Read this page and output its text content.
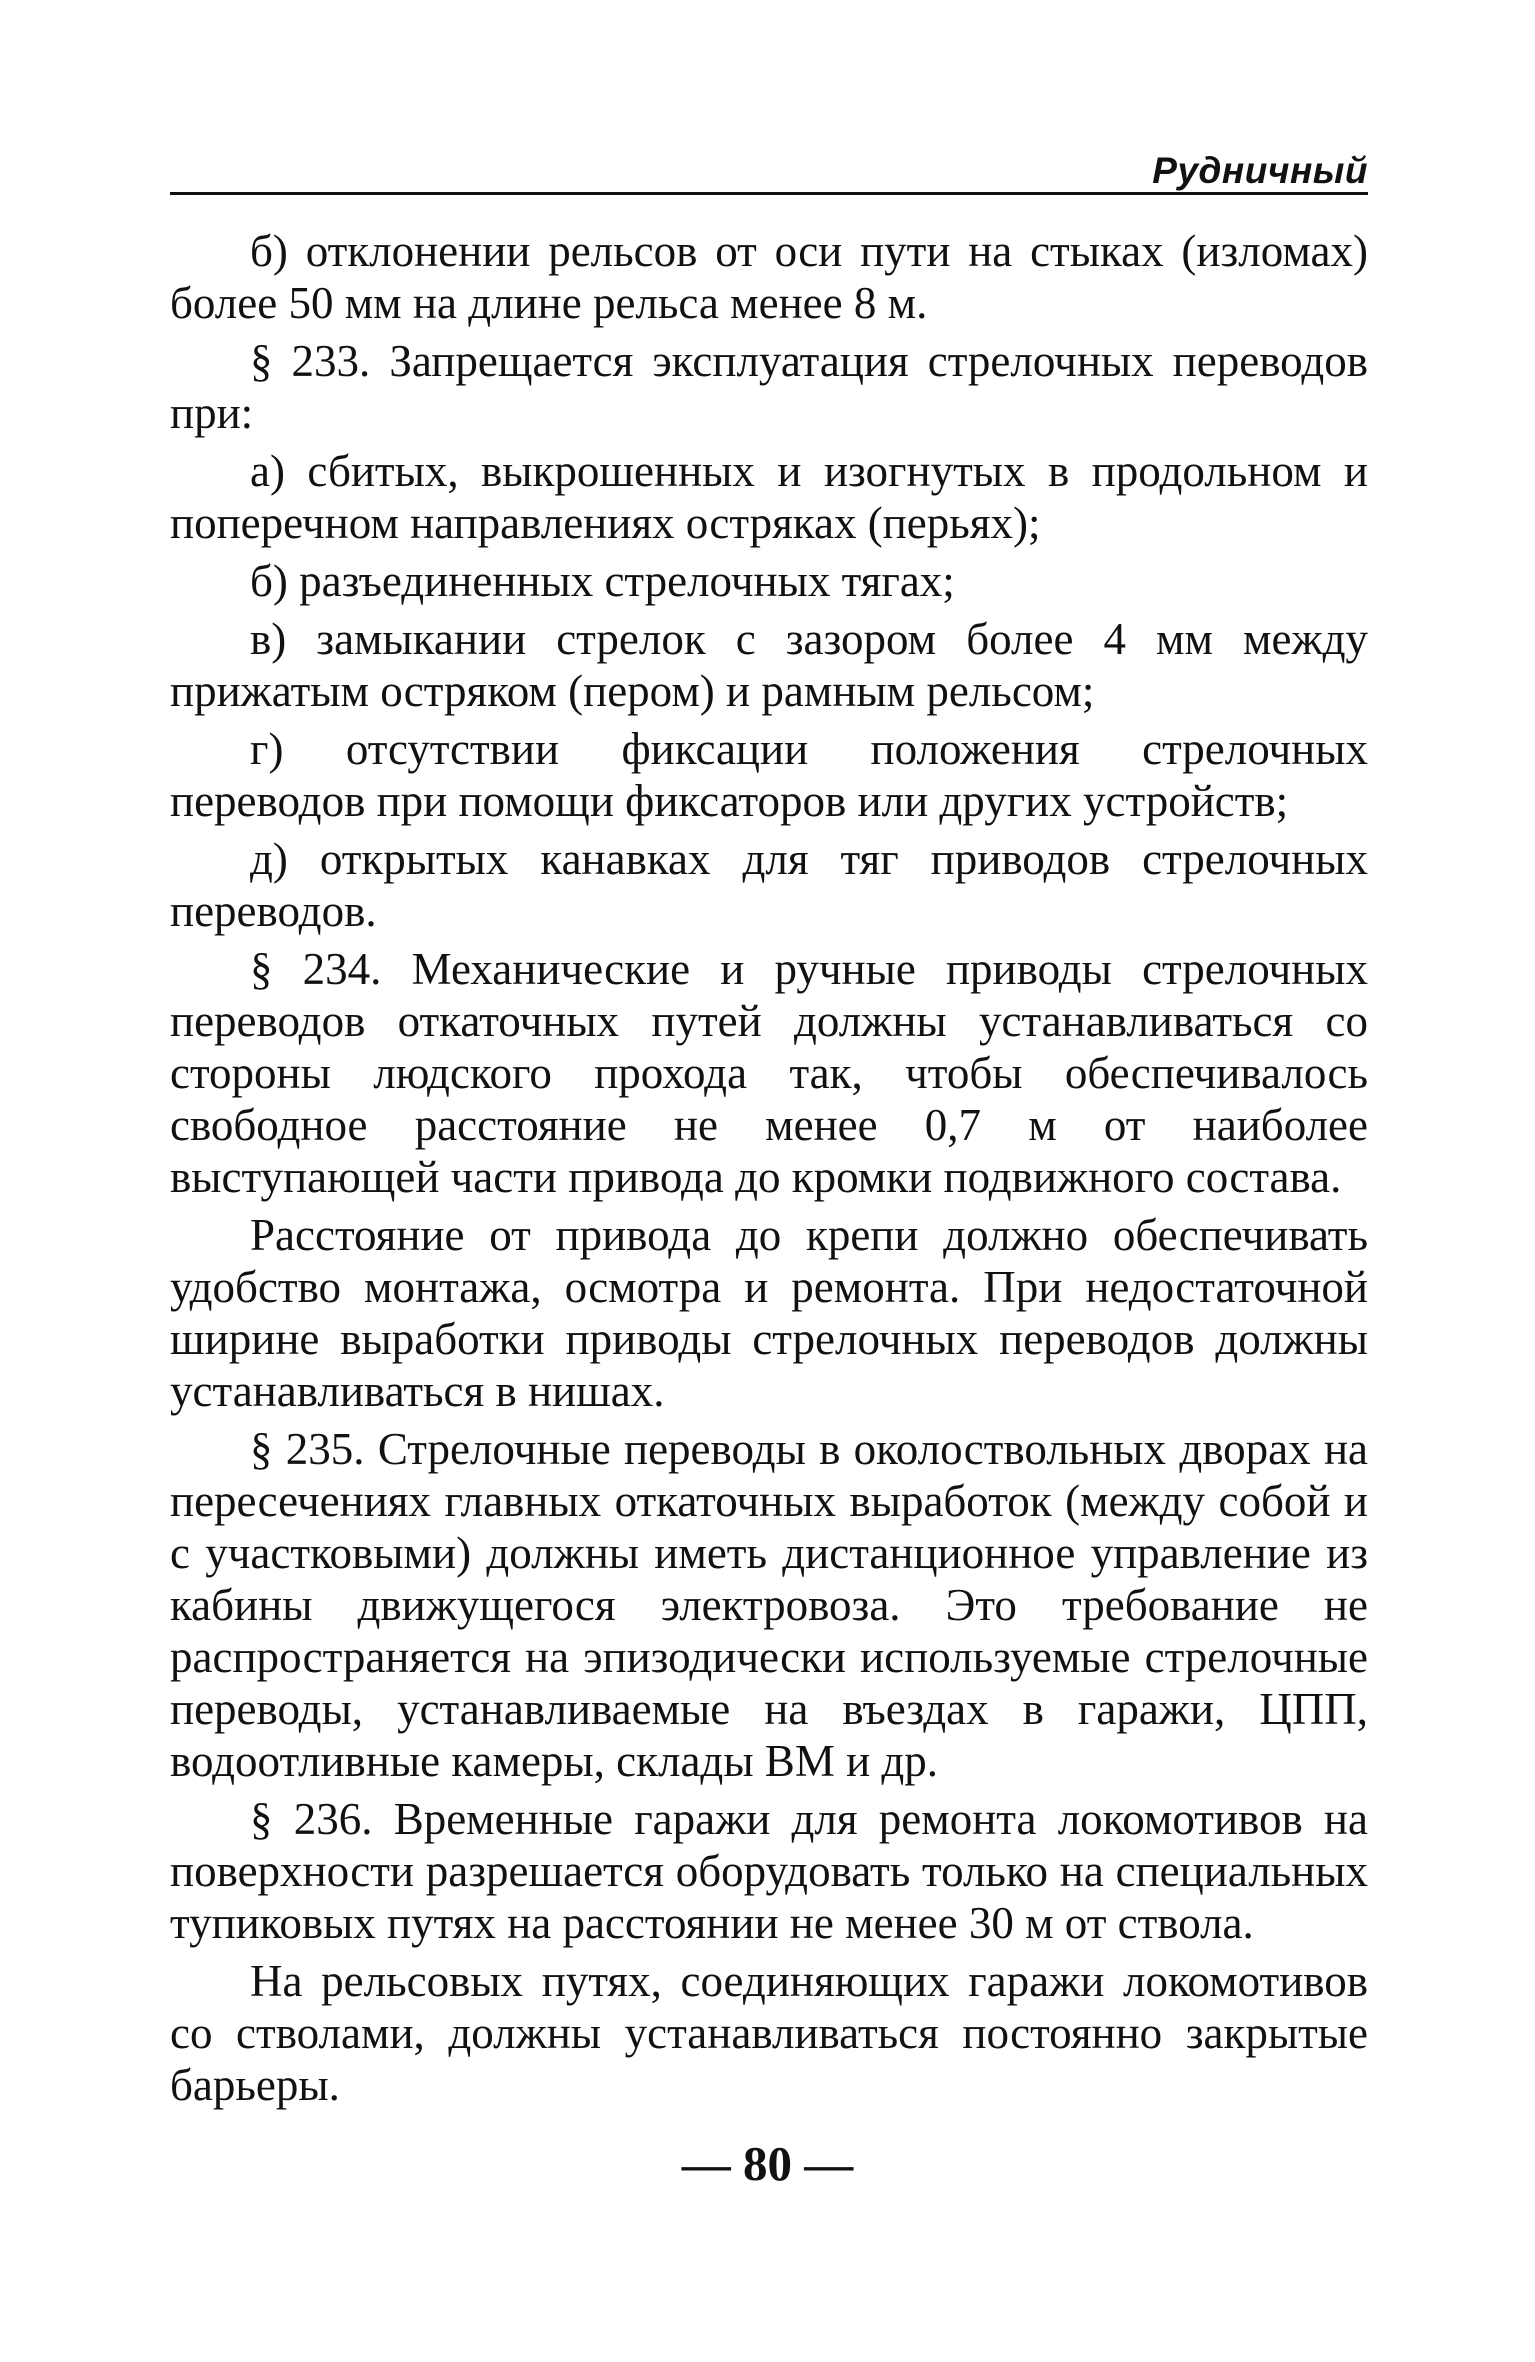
Рудничный

б) отклонении рельсов от оси пути на стыках (изломах) более 50 мм на длине рельса менее 8 м.

§ 233. Запрещается эксплуатация стрелочных переводов при:

а) сбитых, выкрошенных и изогнутых в продольном и поперечном направлениях остряках (перьях);

б) разъединенных стрелочных тягах;

в) замыкании стрелок с зазором более 4 мм между прижатым остряком (пером) и рамным рельсом;

г) отсутствии фиксации положения стрелочных переводов при помощи фиксаторов или других устройств;

д) открытых канавках для тяг приводов стрелочных переводов.

§ 234. Механические и ручные приводы стрелочных переводов откаточных путей должны устанавливаться со стороны людского прохода так, чтобы обеспечивалось свободное расстояние не менее 0,7 м от наиболее выступающей части привода до кромки подвижного состава.

Расстояние от привода до крепи должно обеспечивать удобство монтажа, осмотра и ремонта. При недостаточной ширине выработки приводы стрелочных переводов должны устанавливаться в нишах.

§ 235. Стрелочные переводы в околоствольных дворах на пересечениях главных откаточных выработок (между собой и с участковыми) должны иметь дистанционное управление из кабины движущегося электровоза. Это требование не распространяется на эпизодически используемые стрелочные переводы, устанавливаемые на въездах в гаражи, ЦПП, водоотливные камеры, склады ВМ и др.

§ 236. Временные гаражи для ремонта локомотивов на поверхности разрешается оборудовать только на специальных тупиковых путях на расстоянии не менее 30 м от ствола.

На рельсовых путях, соединяющих гаражи локомотивов со стволами, должны устанавливаться постоянно закрытые барьеры.

— 80 —
